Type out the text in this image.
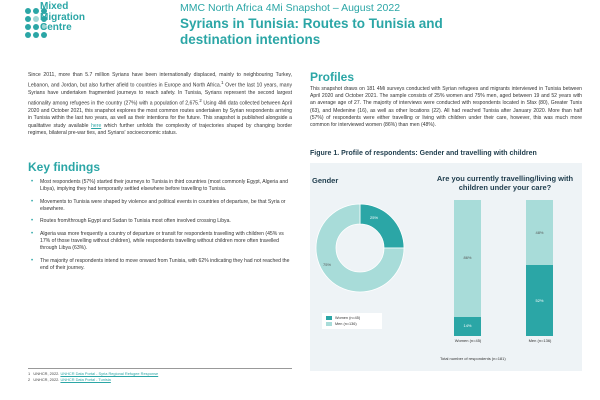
Mixed
Migration
Centre
MMC North Africa 4Mi Snapshot – August 2022
Syrians in Tunisia: Routes to Tunisia and destination intentions
Since 2011, more than 5.7 million Syrians have been internationally displaced, mainly to neighbouring Turkey, Lebanon, and Jordan, but also further afield to countries in Europe and North Africa.$^1$ Over the last 10 years, many Syrians have undertaken fragmented journeys to reach safety. In Tunisia, Syrians represent the second largest nationality among refugees in the country (27%) with a population of 2,675.$^2$ Using 4Mi data collected between April 2020 and October 2021, this snapshot explores the most common routes undertaken by Syrian respondents arriving in Tunisia within the last two years, as well as their intentions for the future. This snapshot is published alongside a qualitative study available here which further unfolds the complexity of trajectories shaped by changing border regimes, bilateral pre-war ties, and Syrians' socioeconomic status.
Key findings
• Most respondents (57%) started their journeys to Tunisia in third countries (most commonly Egypt, Algeria and Libya), implying they had temporarily settled elsewhere before travelling to Tunisia.
• Movements to Tunisia were shaped by violence and political events in countries of departure, be that Syria or elsewhere.
• Routes from/through Egypt and Sudan to Tunisia most often involved crossing Libya.
• Algeria was more frequently a country of departure or transit for respondents travelling with children (45% vs 17% of those travelling without children), while respondents travelling without children more often travelled through Libya (63%).
• The majority of respondents intend to move onward from Tunisia, with 62% indicating they had not reached the end of their journey.
1 UNHCR, 2022. UNHCR Data Portal - Syria Regional Refugee Response
2 UNHCR, 2022. UNHCR Data Portal - Tunisia
Profiles
This snapshot draws on 181 4Mi surveys conducted with Syrian refugees and migrants interviewed in Tunisia between April 2020 and October 2021. The sample consists of 25% women and 75% men, aged between 19 and 52 years with an average age of 27. The majority of interviews were conducted with respondents located in Sfax (80), Greater Tunis (63), and Medenine (16), as well as other locations (22). All had reached Tunisia after January 2020. More than half (57%) of respondents were either travelling or living with children under their care, however, this was much more common for interviewed women (86%) than men (48%).
Figure 1. Profile of respondents: Gender and travelling with children
Gender	Are you currently travelling/living with children under your care?
25%
75%
Women (n=45)
Men (n=136)
86%
14%
Women (n=45)
48%
52%
Men (n=136)
Total number of respondents (n=181)
